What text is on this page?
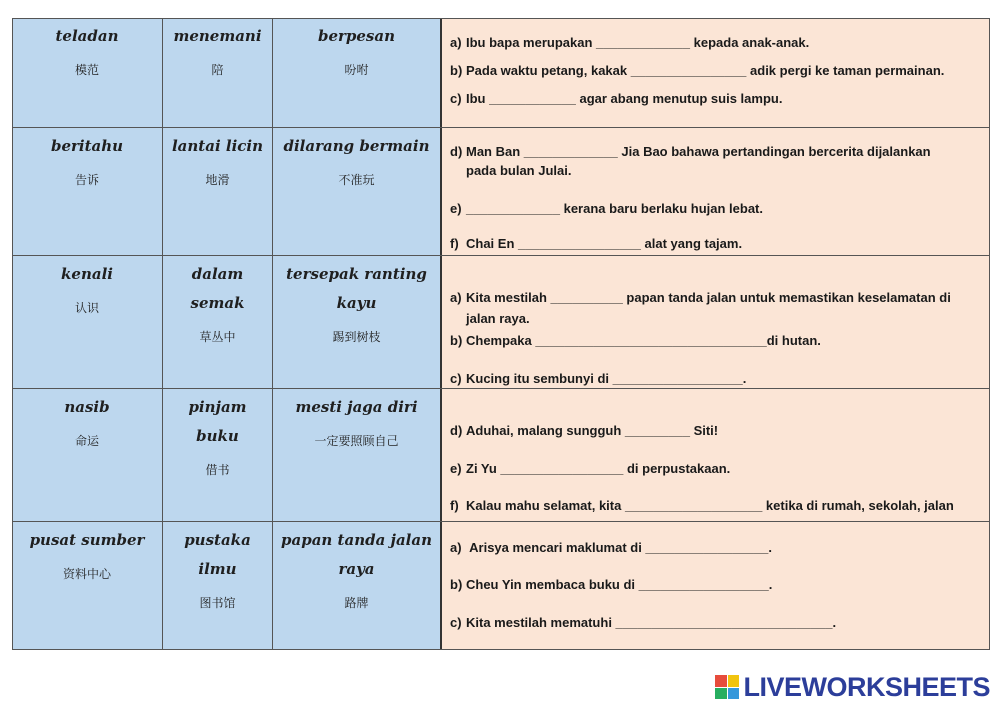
teladan
模范
menemani
陪
berpesan
吩咐
a) Ibu bapa merupakan _____________ kepada anak-anak.
b) Pada waktu petang, kakak ________________ adik pergi ke taman permainan.
c) Ibu ____________ agar abang menutup suis lampu.
beritahu
告诉
lantai licin
地滑
dilarang bermain
不准玩
d) Man Ban _____________ Jia Bao bahawa pertandingan bercerita dijalankan
pada bulan Julai.
e) _____________ kerana baru berlaku hujan lebat.
f) Chai En _________________ alat yang tajam.
kenali
认识
dalam semak
草丛中
tersepak ranting kayu
踢到树枝
a) Kita mestilah __________ papan tanda jalan untuk memastikan keselamatan di
jalan raya.
b) Chempaka ________________________________di hutan.
c) Kucing itu sembunyi di __________________.
nasib
命运
pinjam buku
借书
mesti jaga diri
一定要照顾自己
d) Aduhai, malang sungguh _________ Siti!
e) Zi Yu _________________ di perpustakaan.
f) Kalau mahu selamat, kita ___________________ ketika di rumah, sekolah, jalan
pusat sumber
资料中心
pustaka ilmu
图书馆
papan tanda jalan raya
路牌
a) Arisya mencari maklumat di _________________.
b) Cheu Yin membaca buku di __________________.
c) Kita mestilah mematuhi ______________________________.
LIVEWORKSHEETS
